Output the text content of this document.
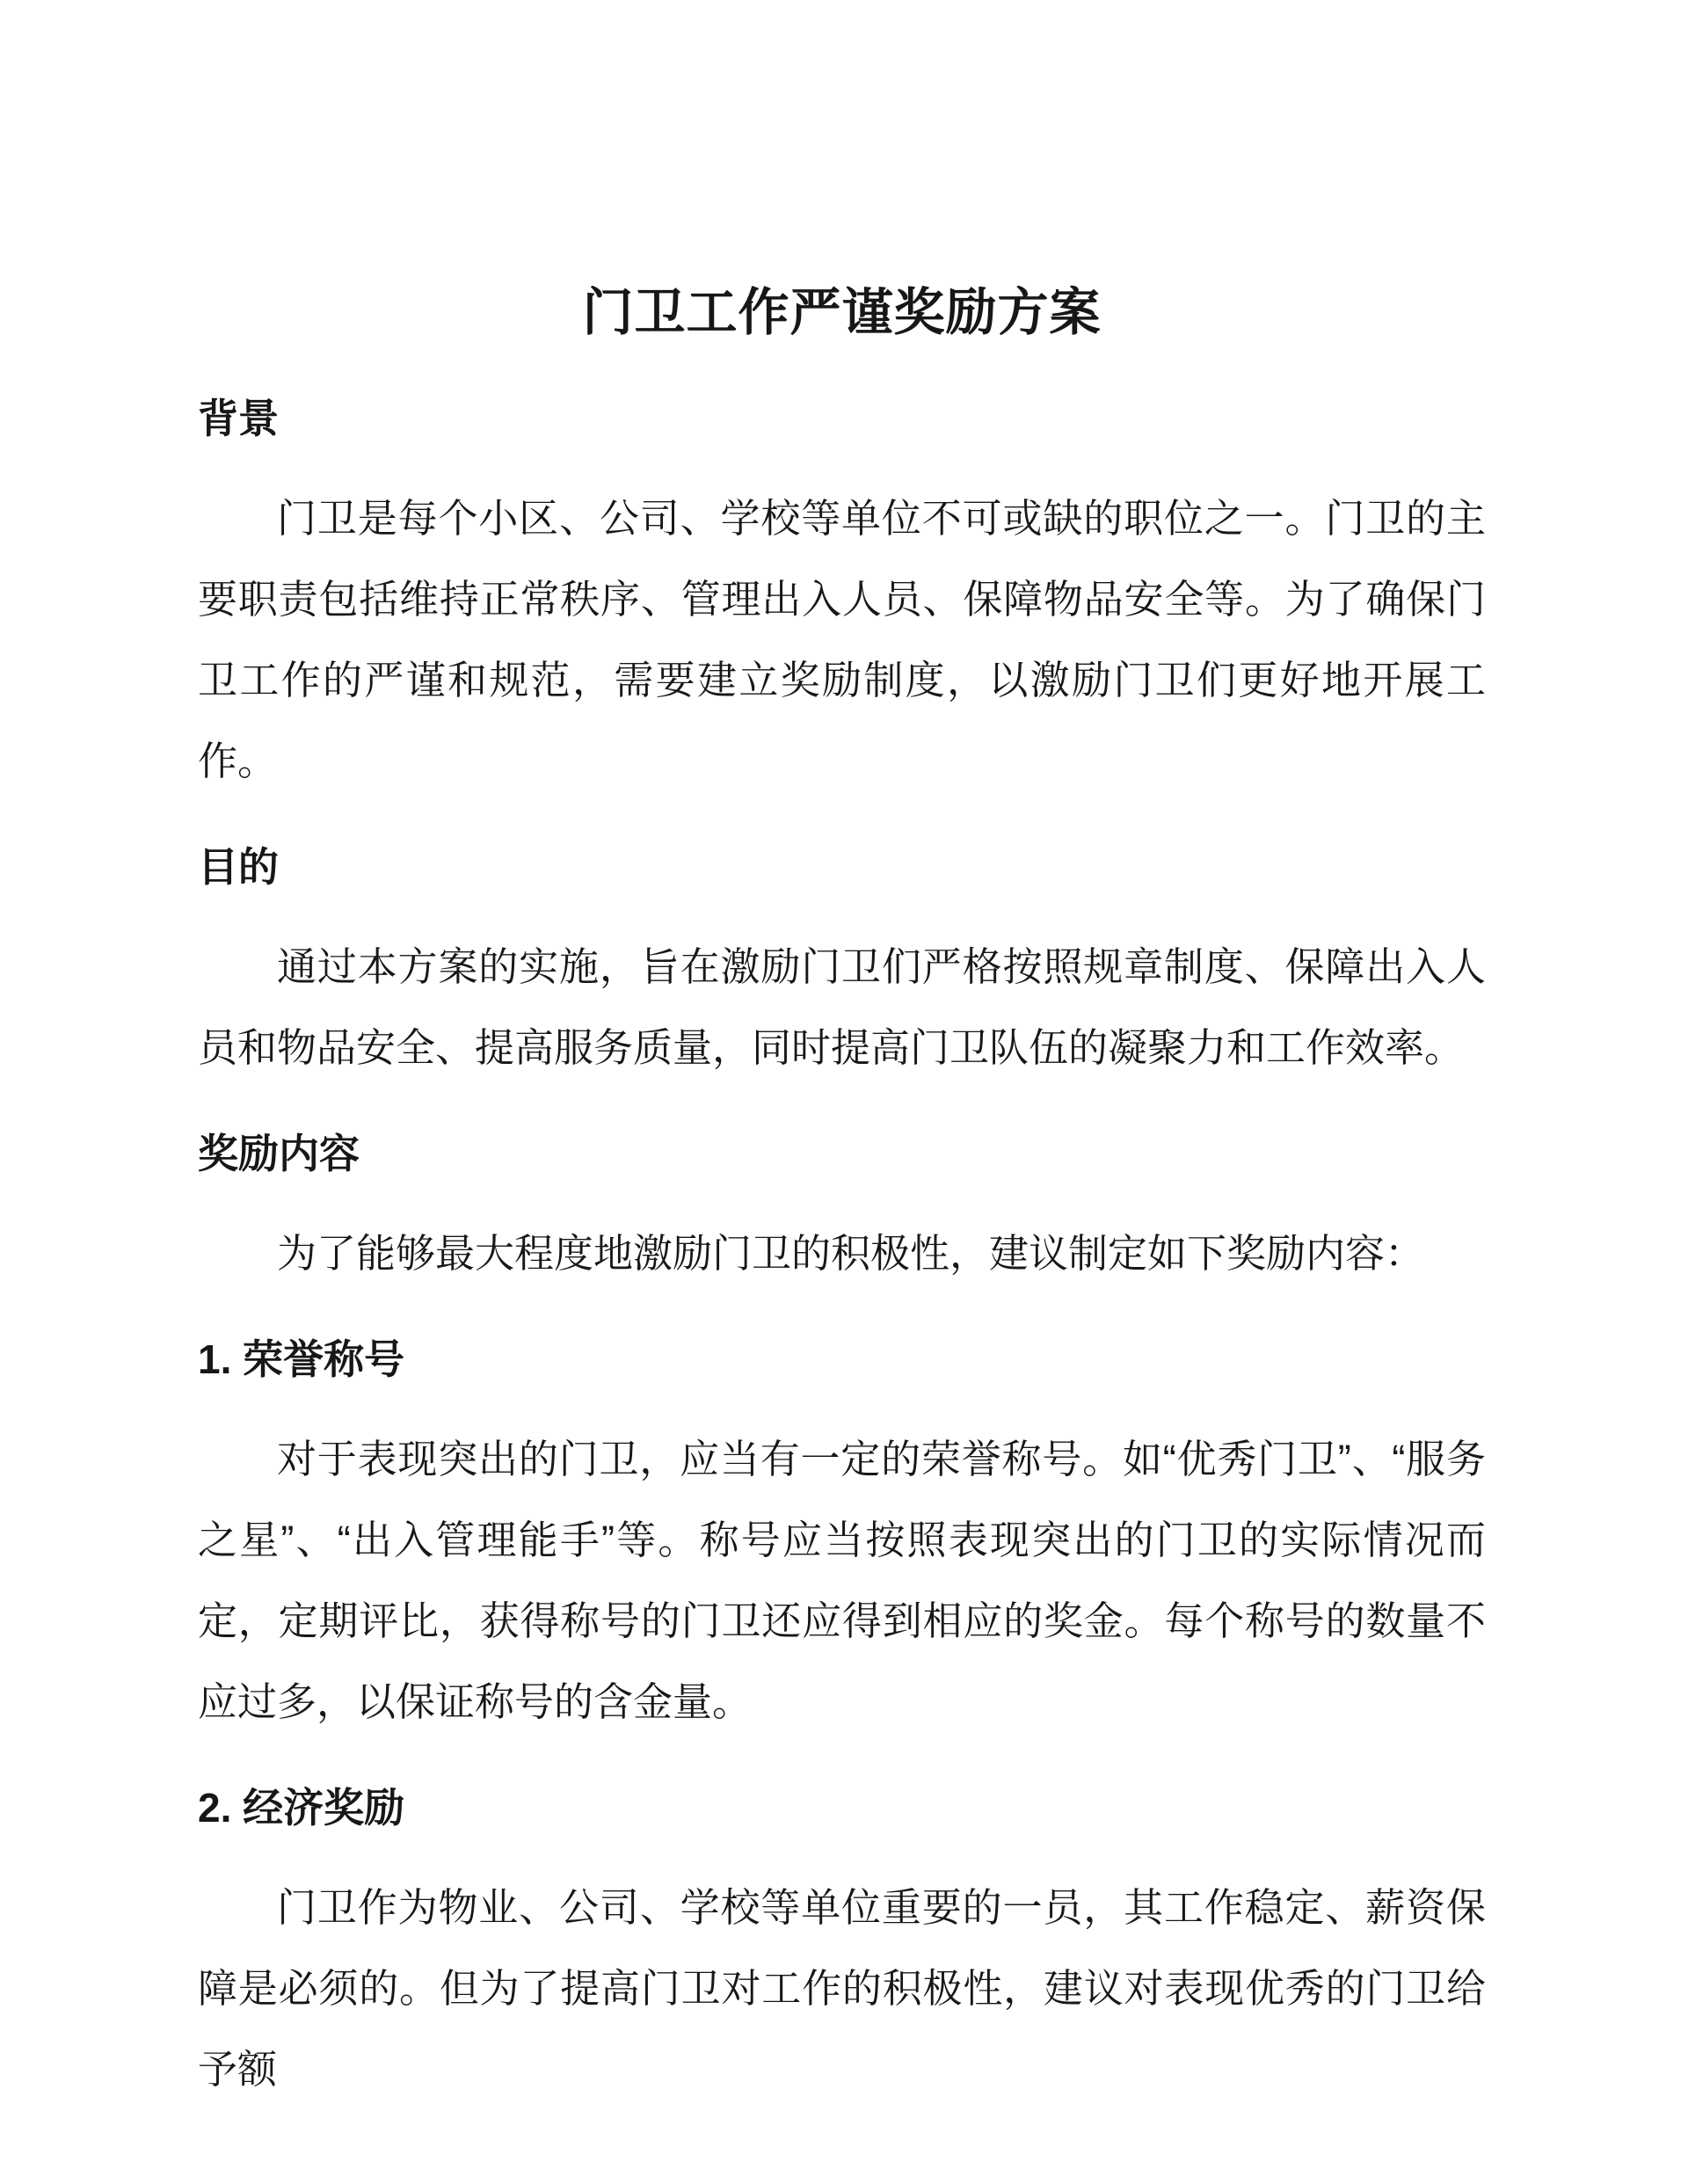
门卫工作严谨奖励方案
背景

门卫是每个小区、公司、学校等单位不可或缺的职位之一。门卫的主要职责包括维持正常秩序、管理出入人员、保障物品安全等。为了确保门卫工作的严谨和规范，需要建立奖励制度，以激励门卫们更好地开展工作。

目的

通过本方案的实施，旨在激励门卫们严格按照规章制度、保障出入人员和物品安全、提高服务质量，同时提高门卫队伍的凝聚力和工作效率。

奖励内容

为了能够最大程度地激励门卫的积极性，建议制定如下奖励内容：

1. 荣誉称号

对于表现突出的门卫，应当有一定的荣誉称号。如“优秀门卫”、“服务之星”、“出入管理能手”等。称号应当按照表现突出的门卫的实际情况而定，定期评比，获得称号的门卫还应得到相应的奖金。每个称号的数量不应过多，以保证称号的含金量。

2. 经济奖励

门卫作为物业、公司、学校等单位重要的一员，其工作稳定、薪资保障是必须的。但为了提高门卫对工作的积极性，建议对表现优秀的门卫给予额
